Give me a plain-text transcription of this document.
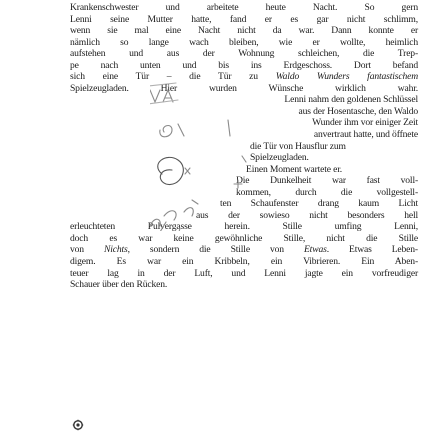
Krankenschwester und arbeitete heute Nacht. So gern
Lenni seine Mutter hatte, fand er es gar nicht schlimm,
wenn sie mal eine Nacht nicht da war. Dann konnte er
nämlich so lange wach bleiben, wie er wollte, heimlich
aufstehen und aus der Wohnung schleichen, die Trep-
pe nach unten und bis ins Erdgeschoss. Dort befand
sich eine Tür – die Tür zu Waldo Wunders fantastischem
Spielzeugladen. Hier wurden Wünsche wirklich wahr.
Lenni nahm den goldenen Schlüssel
aus der Hosentasche, den Waldo
Wunder ihm vor einiger Zeit
anvertraut hatte, und öffnete
die Tür von Hausflur zum
Spielzeugladen.
Einen Moment wartete er.
Die Dunkelheit war fast voll-
kommen, durch die vollgestell-
ten Schaufenster drang kaum Licht
aus der sowieso nicht besonders hell
erleuchteten Pulvergasse herein. Stille umfing Lenni,
doch es war keine gewöhnliche Stille, nicht die Stille
von Nichts, sondern die Stille von Etwas. Etwas Leben-
digem. Es war ein Kribbeln, ein Vibrieren. Ein Aben-
teuer lag in der Luft, und Lenni jagte ein vorfreudiger
Schauer über den Rücken.
